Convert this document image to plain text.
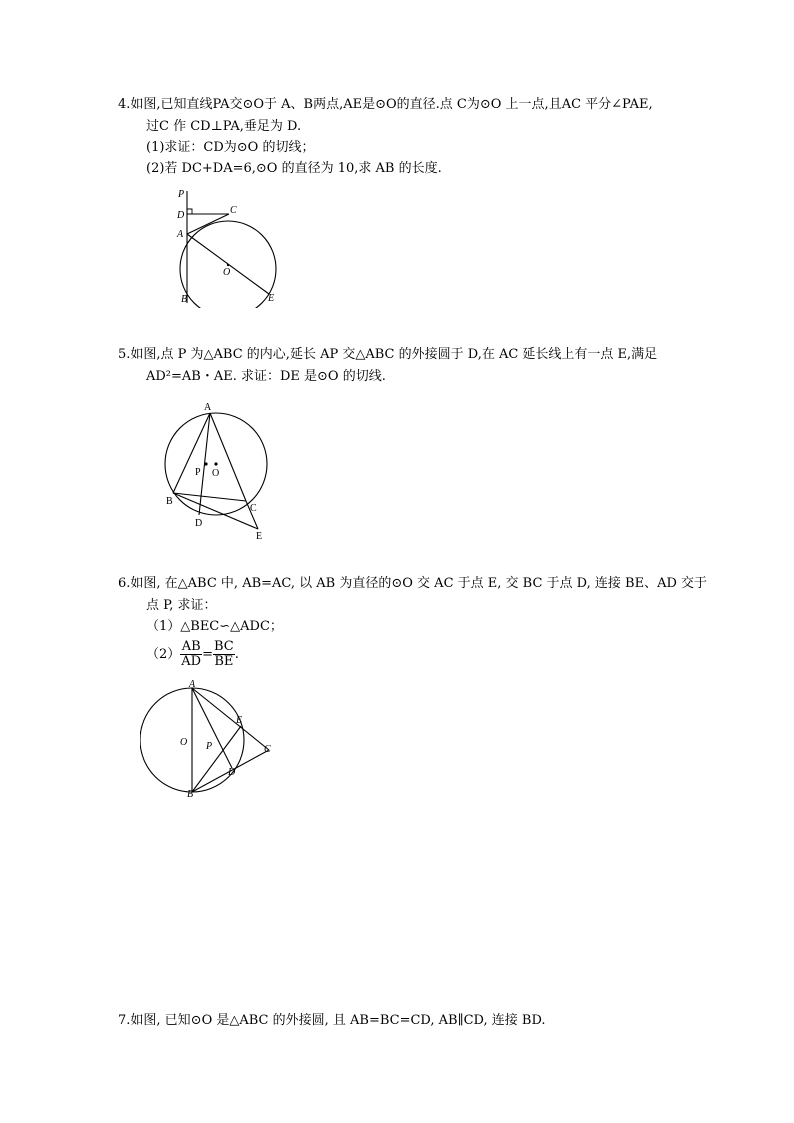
4.如图,已知直线PA交⊙O于 A、B两点,AE是⊙O的直径.点 C为⊙O 上一点,且AC 平分∠PAE,
过C 作 CD⊥PA,垂足为 D.
(1)求证：CD为⊙O 的切线；
(2)若 DC+DA=6,⊙O 的直径为 10,求 AB 的长度.
P
D	C
A
O
B	E
5.如图,点 P 为△ABC 的内心,延长 AP 交△ABC 的外接圆于 D,在 AC 延长线上有一点 E,满足
AD²=AB・AE. 求证：DE 是⊙O 的切线.
A
P O
B
C
D
E
6.如图, 在△ABC 中, AB=AC, 以 AB 为直径的⊙O 交 AC 于点 E, 交 BC 于点 D, 连接 BE、AD 交于
点 P, 求证：
（1）△BEC∽△ADC；
$(2) \frac{AB}{AD} = \frac{BC}{BE}$ .
A
E
O P	C
D
B
7.如图, 已知⊙O 是△ABC 的外接圆, 且 AB=BC=CD, AB∥CD, 连接 BD.
